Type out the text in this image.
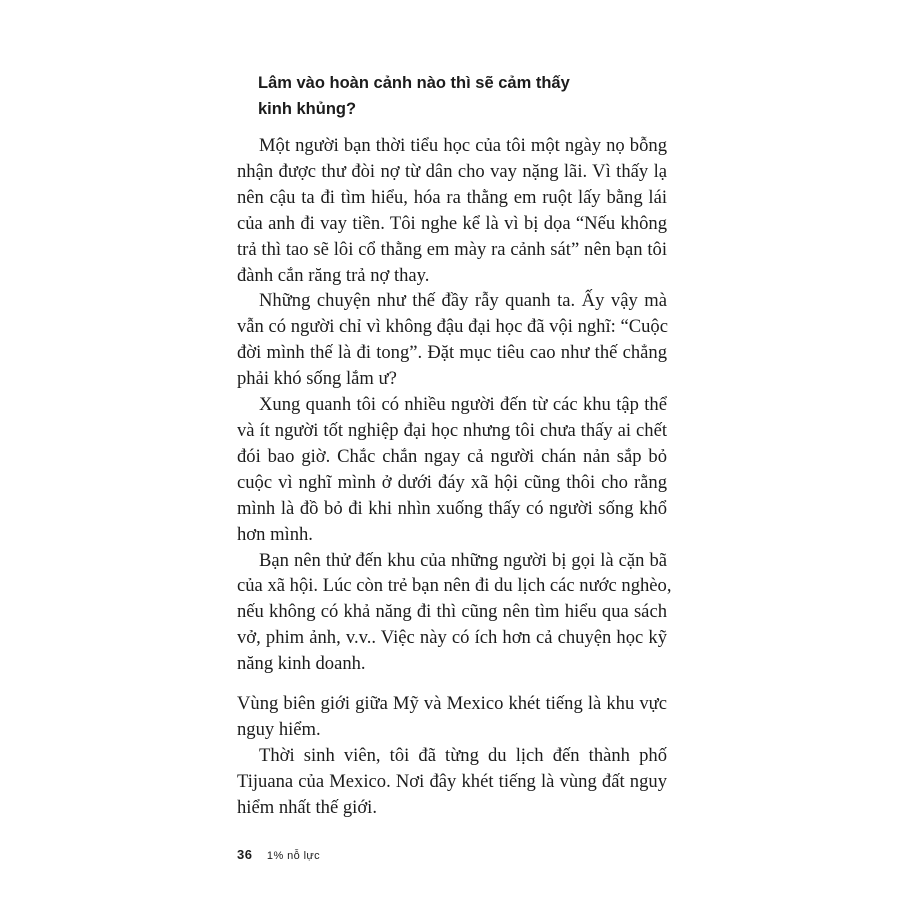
Lâm vào hoàn cảnh nào thì sẽ cảm thấy
kinh khủng?
Một người bạn thời tiểu học của tôi một ngày nọ bỗng
nhận được thư đòi nợ từ dân cho vay nặng lãi. Vì thấy lạ
nên cậu ta đi tìm hiểu, hóa ra thằng em ruột lấy bằng lái
của anh đi vay tiền. Tôi nghe kể là vì bị dọa “Nếu không
trả thì tao sẽ lôi cổ thằng em mày ra cảnh sát” nên bạn tôi
đành cắn răng trả nợ thay.
Những chuyện như thế đầy rẫy quanh ta. Ấy vậy mà
vẫn có người chỉ vì không đậu đại học đã vội nghĩ: “Cuộc
đời mình thế là đi tong”. Đặt mục tiêu cao như thế chẳng
phải khó sống lắm ư?
Xung quanh tôi có nhiều người đến từ các khu tập thể
và ít người tốt nghiệp đại học nhưng tôi chưa thấy ai chết
đói bao giờ. Chắc chắn ngay cả người chán nản sắp bỏ
cuộc vì nghĩ mình ở dưới đáy xã hội cũng thôi cho rằng
mình là đồ bỏ đi khi nhìn xuống thấy có người sống khổ
hơn mình.
Bạn nên thử đến khu của những người bị gọi là cặn bã
của xã hội. Lúc còn trẻ bạn nên đi du lịch các nước nghèo,
nếu không có khả năng đi thì cũng nên tìm hiểu qua sách
vở, phim ảnh, v.v.. Việc này có ích hơn cả chuyện học kỹ
năng kinh doanh.
Vùng biên giới giữa Mỹ và Mexico khét tiếng là khu vực
nguy hiểm.
Thời sinh viên, tôi đã từng du lịch đến thành phố
Tijuana của Mexico. Nơi đây khét tiếng là vùng đất nguy
hiểm nhất thế giới.
36 1% nỗ lực
